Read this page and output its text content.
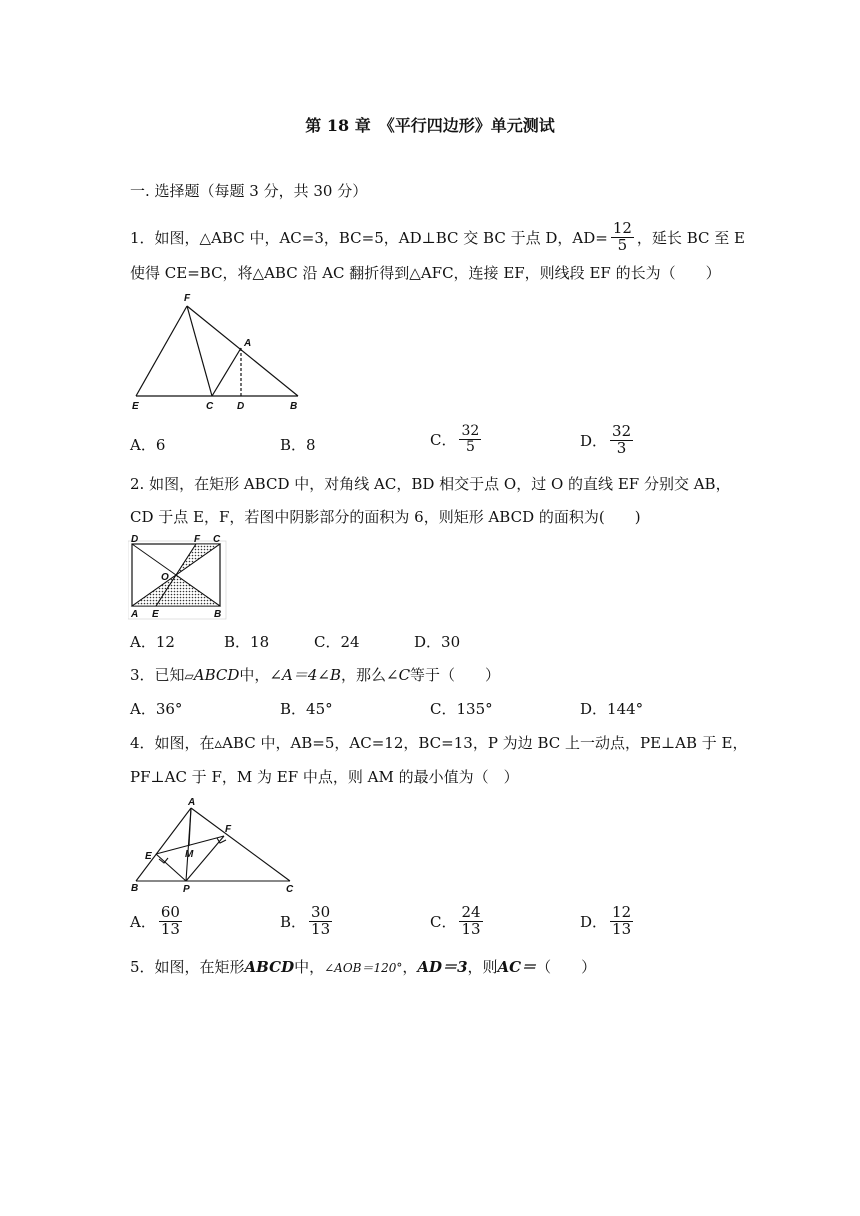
第 18 章　《平行四边形》单元测试
一. 选择题（每题 3 分，共 30 分）
1．如图，△ABC 中，AC=3，BC=5，AD⊥BC 交 BC 于点 D，$AD= \frac{12}{5}$ ，延长 BC 至 E
使得 CE=BC，将△ABC 沿 AC 翻折得到△AFC，连接 EF，则线段 EF 的长为（　　）
F
A
E	C D	B
A．6	B．8	C． $\frac{32}{5}$	D． $\frac{32}{3}$
2. 如图，在矩形 ABCD 中，对角线 AC，BD 相交于点 O，过 O 的直线 EF 分别交 AB，
CD 于点 E，F，若图中阴影部分的面积为 6，则矩形 ABCD 的面积为(　　)
D	F C
O
A E	B
A．12	B．18	C．24	D．30
3．已知▱ABCD中，∠A＝4∠B，那么∠C等于（　　）
A．36°	B．45°	C．135°	D．144°
4．如图，在▵ABC 中，AB=5，AC=12，BC=13，P 为边 BC 上一动点，PE⊥AB 于 E，
PF⊥AC 于 F，M 为 EF 中点，则 AM 的最小值为（　）
A
F
E	M
B	P	C
A． $\frac{60}{13}$	B． $\frac{30}{13}$	C． $\frac{24}{13}$	D． $\frac{12}{13}$
5．如图，在矩形ABCD中，∠AOB＝120°，AD＝3，则AC＝（　　）
